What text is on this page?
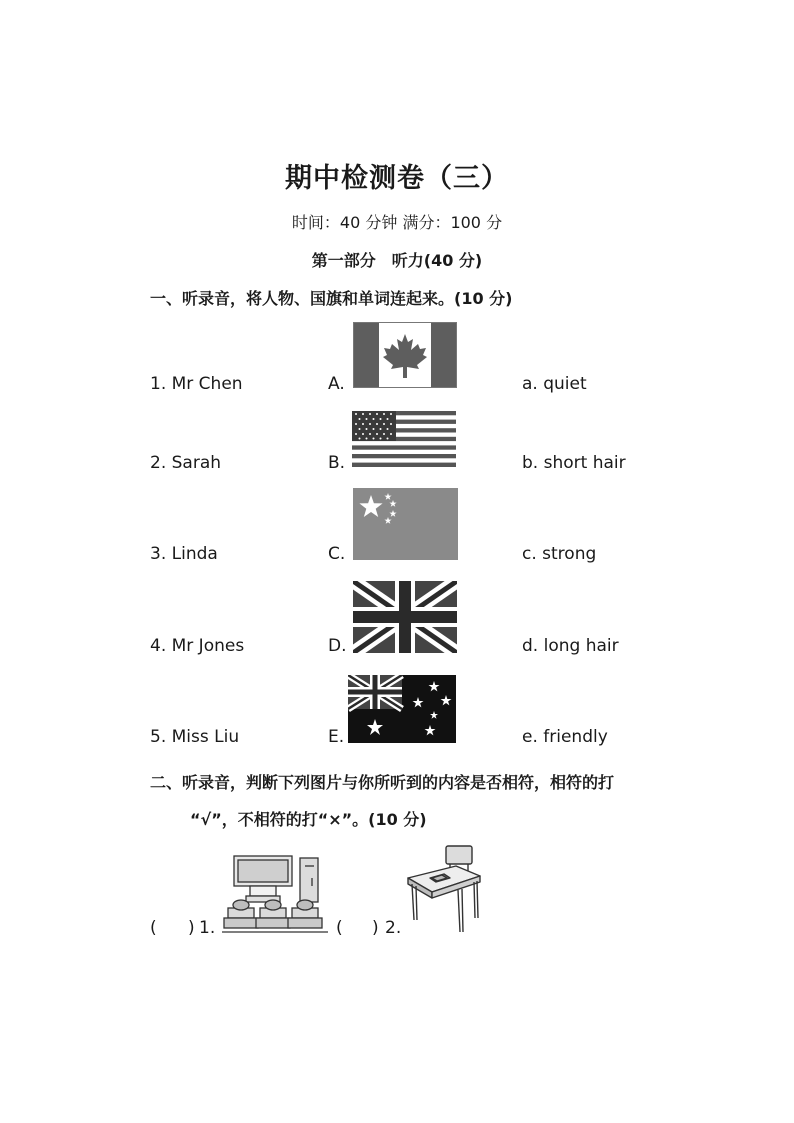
期中检测卷（三）
时间：40 分钟 满分：100 分
第一部分　听力(40 分)
一、听录音，将人物、国旗和单词连起来。(10 分)
1. Mr Chen	A.	a. quiet
2. Sarah	B.	b. short hair
3. Linda	C.	c. strong
4. Mr Jones	D.	d. long hair
5. Miss Liu	E.	e. friendly
二、听录音，判断下列图片与你所听到的内容是否相符，相符的打
“√”，不相符的打“×”。(10 分)
( ) 1.	( ) 2.
